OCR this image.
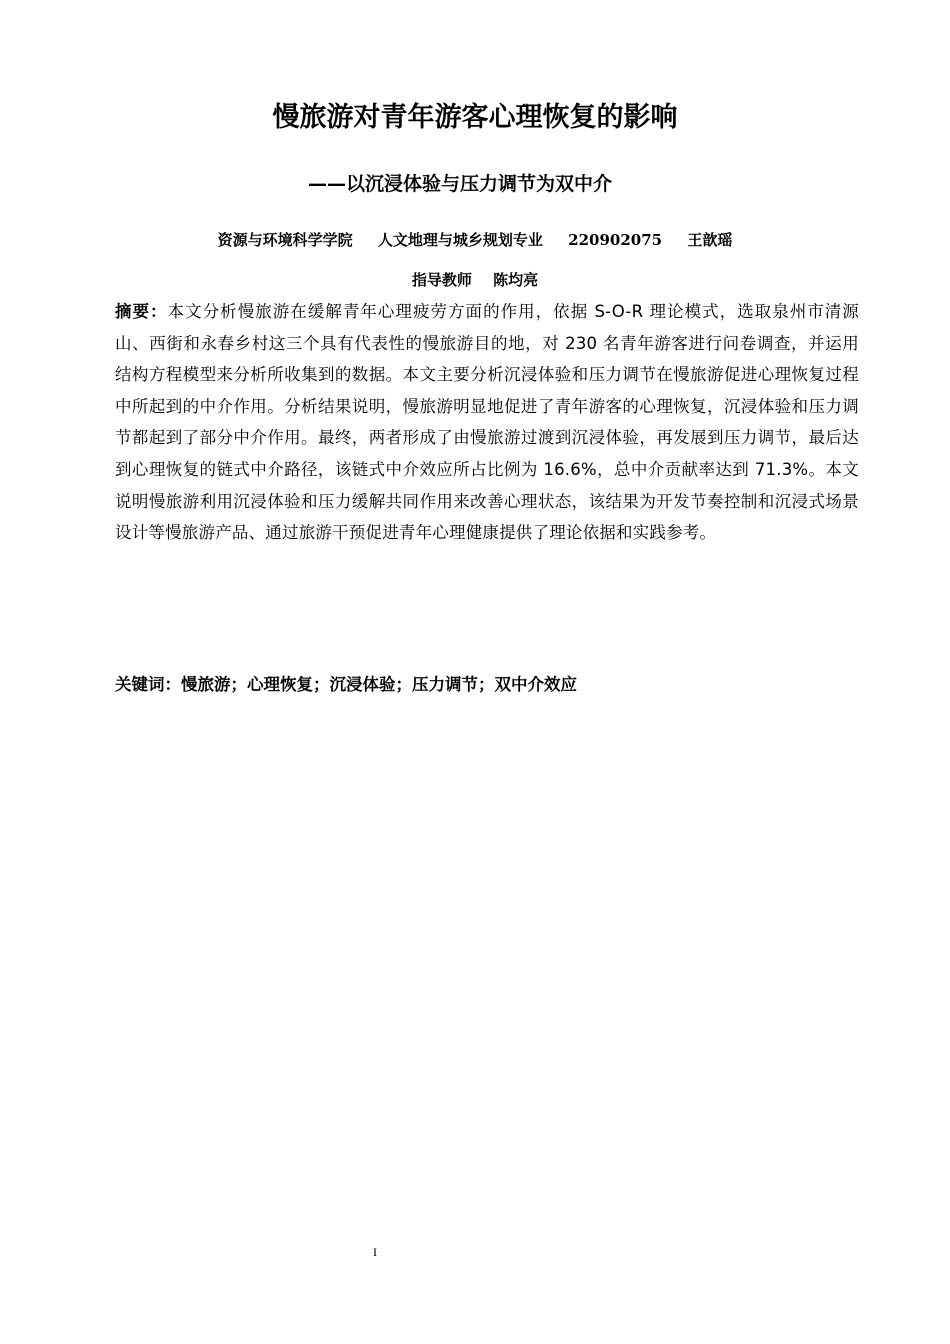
慢旅游对青年游客心理恢复的影响
——以沉浸体验与压力调节为双中介
资源与环境科学学院 人文地理与城乡规划专业 220902075 王歆瑶
指导教师 陈均亮
摘要：本文分析慢旅游在缓解青年心理疲劳方面的作用，依据 S-O-R 理论模式，选取泉州市清源山、西街和永春乡村这三个具有代表性的慢旅游目的地，对 230 名青年游客进行问卷调查，并运用结构方程模型来分析所收集到的数据。本文主要分析沉浸体验和压力调节在慢旅游促进心理恢复过程中所起到的中介作用。分析结果说明，慢旅游明显地促进了青年游客的心理恢复，沉浸体验和压力调节都起到了部分中介作用。最终，两者形成了由慢旅游过渡到沉浸体验，再发展到压力调节，最后达到心理恢复的链式中介路径，该链式中介效应所占比例为 16.6%，总中介贡献率达到 71.3%。本文说明慢旅游利用沉浸体验和压力缓解共同作用来改善心理状态，该结果为开发节奏控制和沉浸式场景设计等慢旅游产品、通过旅游干预促进青年心理健康提供了理论依据和实践参考。
关键词：慢旅游；心理恢复；沉浸体验；压力调节；双中介效应
I
